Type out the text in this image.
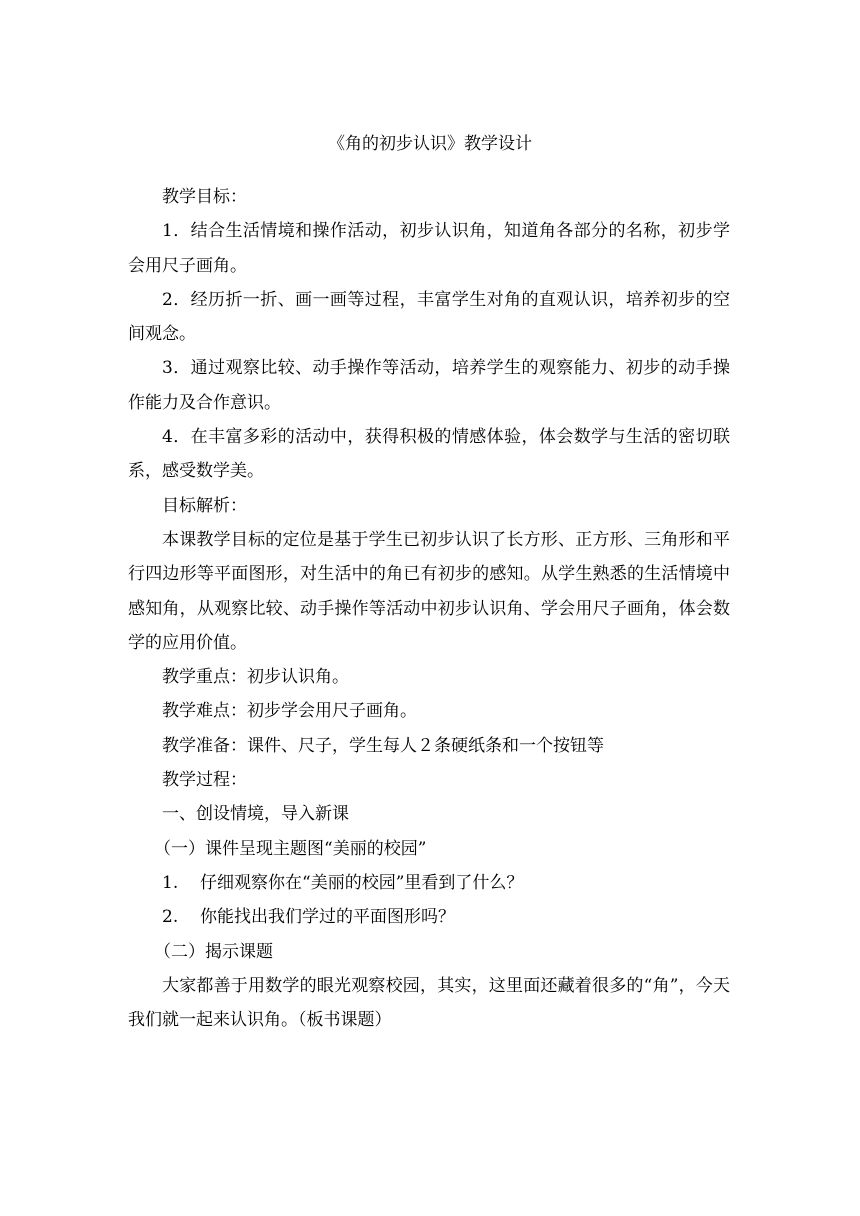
《角的初步认识》教学设计

教学目标：

1．结合生活情境和操作活动，初步认识角，知道角各部分的名称，初步学会用尺子画角。

2．经历折一折、画一画等过程，丰富学生对角的直观认识，培养初步的空间观念。

3．通过观察比较、动手操作等活动，培养学生的观察能力、初步的动手操作能力及合作意识。

4．在丰富多彩的活动中，获得积极的情感体验，体会数学与生活的密切联系，感受数学美。

目标解析：

本课教学目标的定位是基于学生已初步认识了长方形、正方形、三角形和平行四边形等平面图形，对生活中的角已有初步的感知。从学生熟悉的生活情境中感知角，从观察比较、动手操作等活动中初步认识角、学会用尺子画角，体会数学的应用价值。

教学重点：初步认识角。

教学难点：初步学会用尺子画角。

教学准备：课件、尺子，学生每人２条硬纸条和一个按钮等

教学过程：

一、创设情境，导入新课

（一）课件呈现主题图“美丽的校园”

1. 仔细观察你在“美丽的校园”里看到了什么？

2. 你能找出我们学过的平面图形吗？

（二）揭示课题

大家都善于用数学的眼光观察校园，其实，这里面还藏着很多的“角”，今天我们就一起来认识角。（板书课题）
